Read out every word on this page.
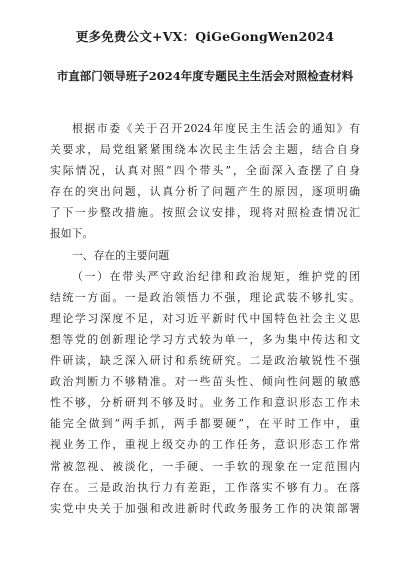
更多免费公文+VX：QiGeGongWen2024
市直部门领导班子2024年度专题民主生活会对照检查材料
根据市委《关于召开2024年度民主生活会的通知》有
关要求，局党组紧紧围绕本次民主生活会主题，结合自身
实际情况，认真对照“四个带头”，全面深入查摆了自身
存在的突出问题，认真分析了问题产生的原因，逐项明确
了下一步整改措施。按照会议安排，现将对照检查情况汇
报如下。
一、存在的主要问题
（一）在带头严守政治纪律和政治规矩，维护党的团
结统一方面。一是政治领悟力不强，理论武装不够扎实。
理论学习深度不足，对习近平新时代中国特色社会主义思
想等党的创新理论学习方式较为单一，多为集中传达和文
件研读，缺乏深入研讨和系统研究。二是政治敏锐性不强
政治判断力不够精准。对一些苗头性、倾向性问题的敏感
性不够，分析研判不够及时。业务工作和意识形态工作未
能完全做到“两手抓，两手都要硬”，在平时工作中，重
视业务工作，重视上级交办的工作任务，意识形态工作常
常被忽视、被淡化，一手硬、一手软的现象在一定范围内
存在。三是政治执行力有差距，工作落实不够有力。在落
实党中央关于加强和改进新时代政务服务工作的决策部署
